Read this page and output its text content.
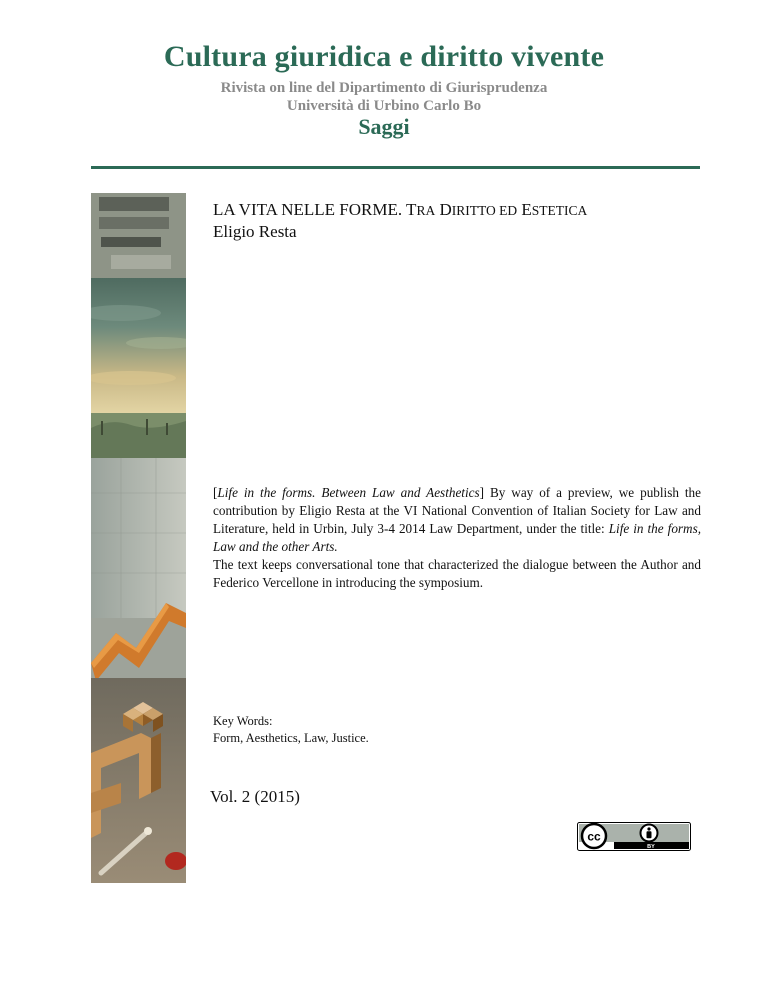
Cultura giuridica e diritto vivente
Rivista on line del Dipartimento di Giurisprudenza
Università di Urbino Carlo Bo
Saggi
LA VITA NELLE FORME. TRA DIRITTO ED ESTETICA
Eligio Resta

[Life in the forms. Between Law and Aesthetics] By way of a preview, we publish the contribution by Eligio Resta at the VI National Convention of Italian Society for Law and Literature, held in Urbin, July 3-4 2014 Law Department, under the title: Life in the forms, Law and the other Arts.

The text keeps conversational tone that characterized the dialogue between the Author and Federico Vercellone in introducing the symposium.

Key Words:
Form, Aesthetics, Law, Justice.
Vol. 2 (2015)
cc
BY
